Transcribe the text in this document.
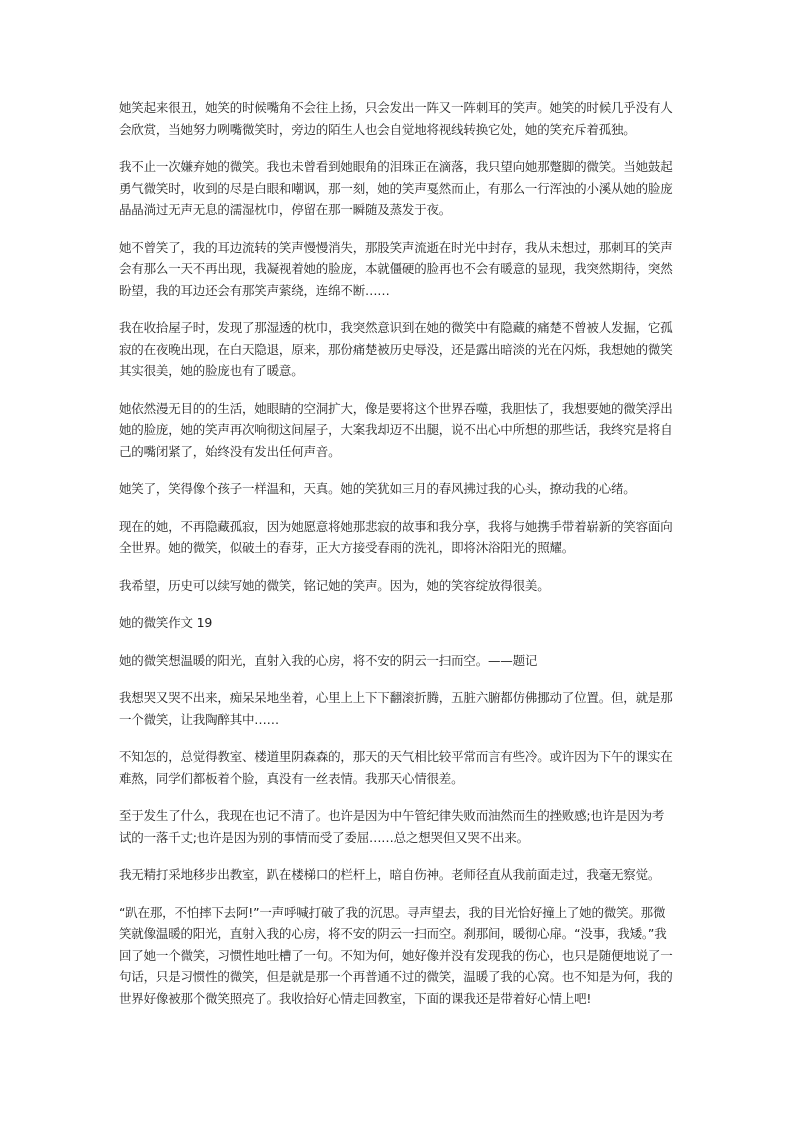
她笑起来很丑，她笑的时候嘴角不会往上扬，只会发出一阵又一阵刺耳的笑声。她笑的时候几乎没有人会欣赏，当她努力咧嘴微笑时，旁边的陌生人也会自觉地将视线转换它处，她的笑充斥着孤独。

我不止一次嫌弃她的微笑。我也未曾看到她眼角的泪珠正在滴落，我只望向她那蹩脚的微笑。当她鼓起勇气微笑时，收到的尽是白眼和嘲讽，那一刻，她的笑声戛然而止，有那么一行浑浊的小溪从她的脸庞晶晶淌过无声无息的濡湿枕巾，停留在那一瞬随及蒸发于夜。

她不曾笑了，我的耳边流转的笑声慢慢消失，那股笑声流逝在时光中封存，我从未想过，那刺耳的笑声会有那么一天不再出现，我凝视着她的脸庞，本就僵硬的脸再也不会有暖意的显现，我突然期待，突然盼望，我的耳边还会有那笑声萦绕，连绵不断……

我在收拾屋子时，发现了那湿透的枕巾，我突然意识到在她的微笑中有隐藏的痛楚不曾被人发掘，它孤寂的在夜晚出现，在白天隐退，原来，那份痛楚被历史辱没，还是露出暗淡的光在闪烁，我想她的微笑其实很美，她的脸庞也有了暖意。

她依然漫无目的的生活，她眼睛的空洞扩大，像是要将这个世界吞噬，我胆怯了，我想要她的微笑浮出她的脸庞，她的笑声再次响彻这间屋子，大案我却迈不出腿，说不出心中所想的那些话，我终究是将自己的嘴闭紧了，始终没有发出任何声音。

她笑了，笑得像个孩子一样温和，天真。她的笑犹如三月的春风拂过我的心头，撩动我的心绪。

现在的她，不再隐藏孤寂，因为她愿意将她那悲寂的故事和我分享，我将与她携手带着崭新的笑容面向全世界。她的微笑，似破土的春芽，正大方接受春雨的洗礼，即将沐浴阳光的照耀。

我希望，历史可以续写她的微笑，铭记她的笑声。因为，她的笑容绽放得很美。

她的微笑作文 19

她的微笑想温暖的阳光，直射入我的心房，将不安的阴云一扫而空。——题记

我想哭又哭不出来，痴呆呆地坐着，心里上上下下翻滚折腾，五脏六腑都仿佛挪动了位置。但，就是那一个微笑，让我陶醉其中……

不知怎的，总觉得教室、楼道里阴森森的，那天的天气相比较平常而言有些冷。或许因为下午的课实在难熬，同学们都板着个脸，真没有一丝表情。我那天心情很差。

至于发生了什么，我现在也记不清了。也许是因为中午管纪律失败而油然而生的挫败感;也许是因为考试的一落千丈;也许是因为别的事情而受了委屈……总之想哭但又哭不出来。

我无精打采地移步出教室，趴在楼梯口的栏杆上，暗自伤神。老师径直从我前面走过，我毫无察觉。

“趴在那，不怕摔下去阿!”一声呼喊打破了我的沉思。寻声望去，我的目光恰好撞上了她的微笑。那微笑就像温暖的阳光，直射入我的心房，将不安的阴云一扫而空。刹那间，暖彻心扉。“没事，我矮。”我回了她一个微笑，习惯性地吐槽了一句。不知为何，她好像并没有发现我的伤心，也只是随便地说了一句话，只是习惯性的微笑，但是就是那一个再普通不过的微笑，温暖了我的心窝。也不知是为何，我的世界好像被那个微笑照亮了。我收拾好心情走回教室，下面的课我还是带着好心情上吧!
